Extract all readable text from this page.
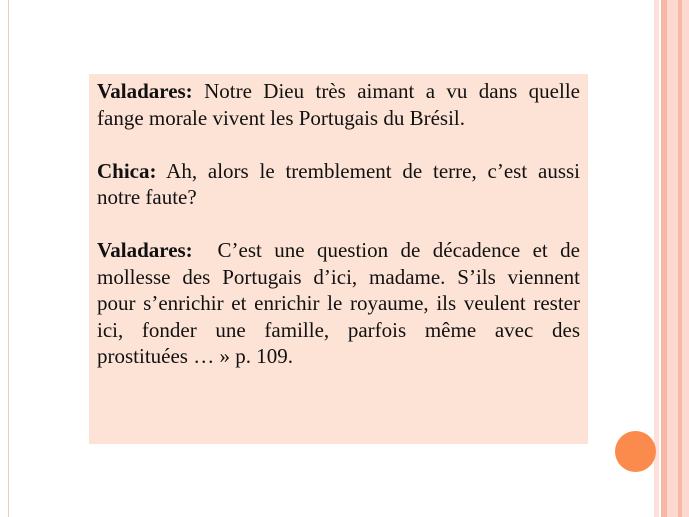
Valadares: Notre Dieu très aimant a vu dans quelle fange morale vivent les Portugais du Brésil.

Chica: Ah, alors le tremblement de terre, c’est aussi notre faute?

Valadares: C’est une question de décadence et de mollesse des Portugais d’ici, madame. S’ils viennent pour s’enrichir et enrichir le royaume, ils veulent rester ici, fonder une famille, parfois même avec des prostituées … » p. 109.
